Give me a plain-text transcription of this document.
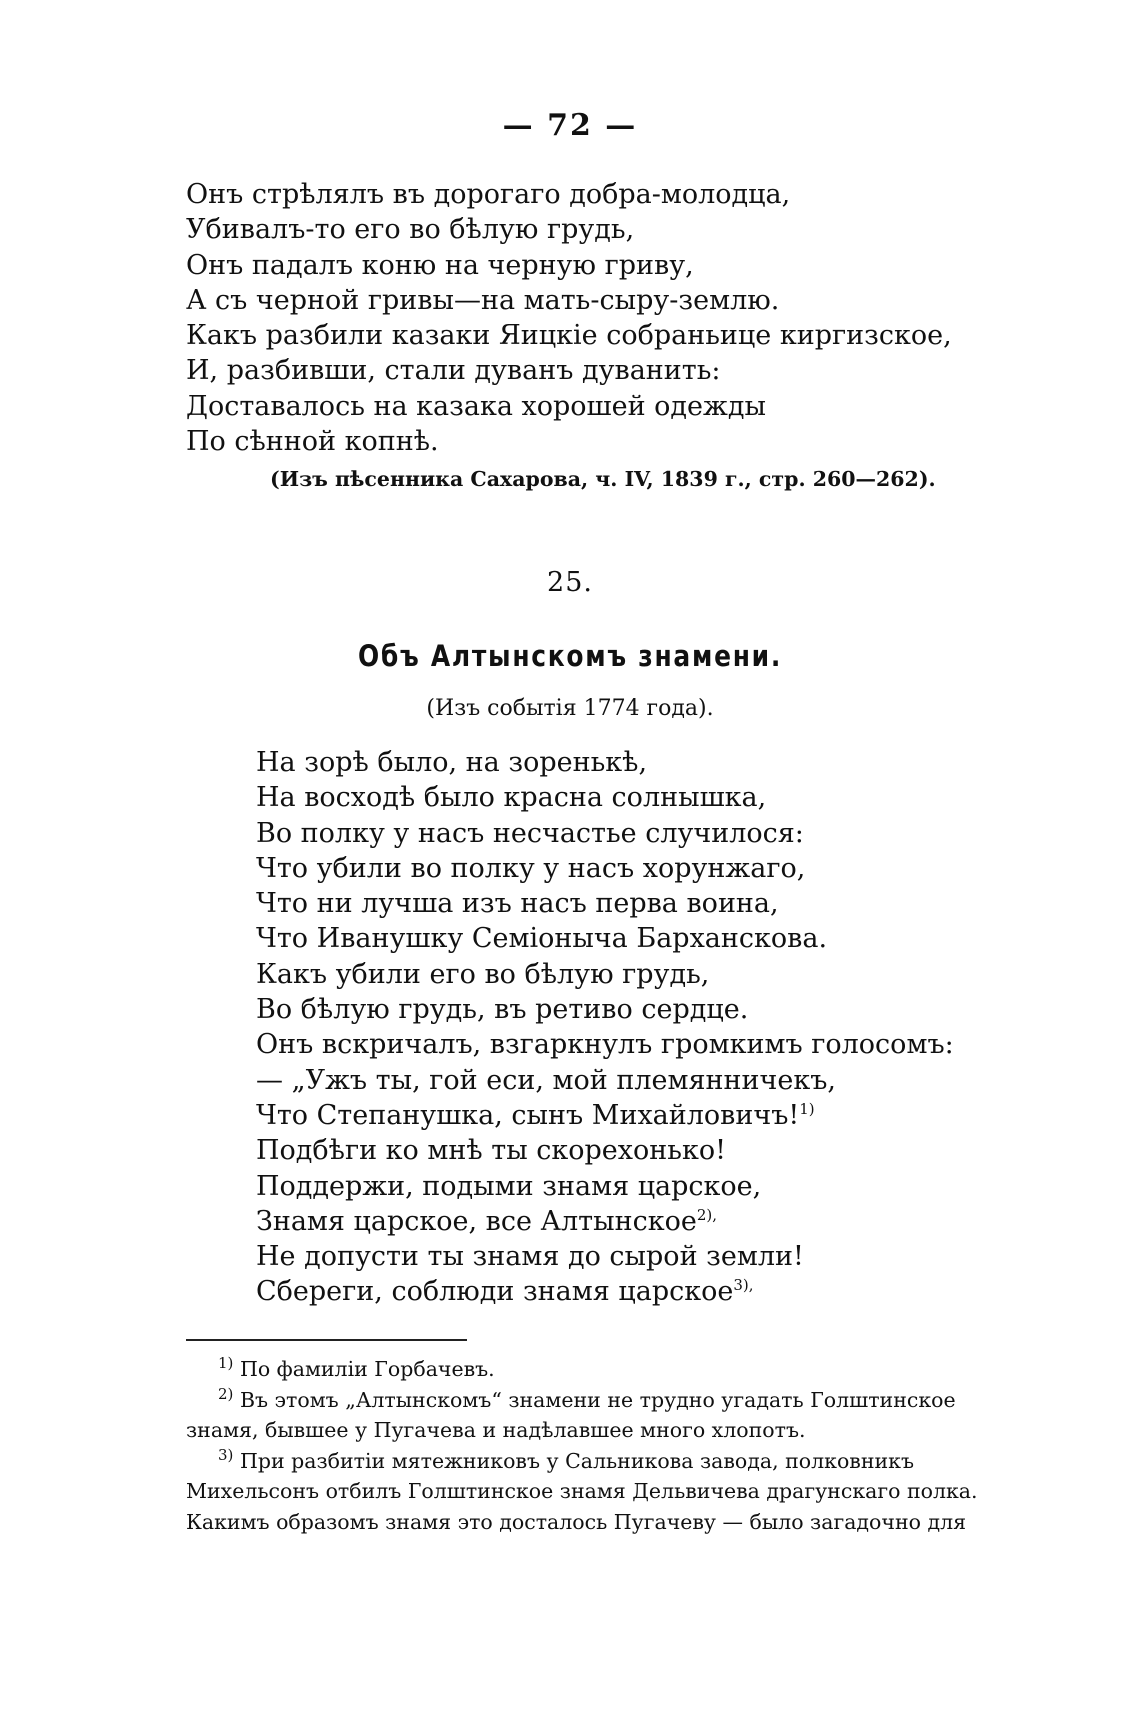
— 72 —
Онъ стрѣлялъ въ дорогаго добра-молодца,
Убивалъ-то его во бѣлую грудь,
Онъ падалъ коню на черную гриву,
А съ черной гривы—на мать-сыру-землю.
Какъ разбили казаки Яицкіе собраньице киргизское,
И, разбивши, стали дуванъ дуванить:
Доставалось на казака хорошей одежды
По сѣнной копнѣ.
(Изъ пѣсенника Сахарова, ч. IV, 1839 г., стр. 260—262).
25.
Объ Алтынскомъ знамени.
(Изъ событія 1774 года).
На зорѣ было, на зоренькѣ,
На восходѣ было красна солнышка,
Во полку у насъ несчастье случилося:
Что убили во полку у насъ хорунжаго,
Что ни лучша изъ насъ перва воина,
Что Иванушку Семіоныча Барханскова.
Какъ убили его во бѣлую грудь,
Во бѣлую грудь, въ ретиво сердце.
Онъ вскричалъ, взгаркнулъ громкимъ голосомъ:
— „Ужъ ты, гой еси, мой племянничекъ,
Что Степанушка, сынъ Михайловичъ!$^{1)}$
Подбѣги ко мнѣ ты скорехонько!
Поддержи, подыми знамя царское,
Знамя царское, все Алтынское$^{2),}$
Не допусти ты знамя до сырой земли!
Сбереги, соблюди знамя царское$^{3),}$

$^{1)}$ По фамиліи Горбачевъ.

$^{2)}$ Въ этомъ „Алтынскомъ“ знамени не трудно угадать Голштинское

знамя, бывшее у Пугачева и надѣлавшее много хлопотъ.

$^{3)}$ При разбитіи мятежниковъ у Сальникова завода, полковникъ

Михельсонъ отбилъ Голштинское знамя Дельвичева драгунскаго полка.

Какимъ образомъ знамя это досталось Пугачеву — было загадочно для
